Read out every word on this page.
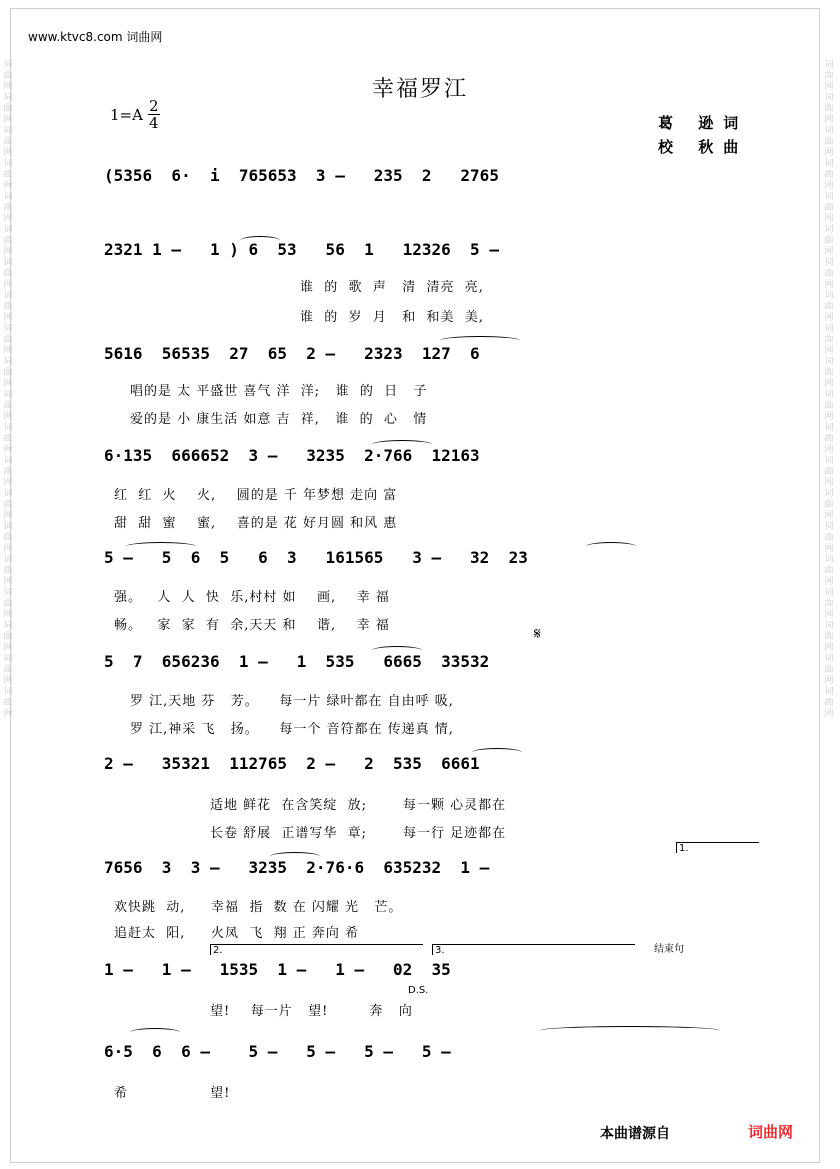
词曲网词曲网词曲网词曲网词曲网词曲网词曲网词曲网词曲网词曲网词曲网词曲网词曲网词曲网词曲网词曲网词曲网词曲网词曲网词曲网
词曲网词曲网词曲网词曲网词曲网词曲网词曲网词曲网词曲网词曲网词曲网词曲网词曲网词曲网词曲网词曲网词曲网词曲网词曲网词曲网
www.ktvc8.com 词曲网
幸福罗江
$1=A \frac{2}{4}$	葛 逊词
校 秋曲
(5356  6·  i  765653  3 –   235  2   2765
2321 1 –   1 ) 6  53   56  1   12326  5 –
谁  的  歌  声   清  清亮  亮,
谁  的  岁  月   和  和美  美,
5616  56535  27  65  2 –   2323  127  6
唱的是 太 平盛世 喜气 洋  洋;   谁  的  日   子
爱的是 小 康生活 如意 吉  祥,   谁  的  心   情
6·135  666652  3 –   3235  2·766  12163
红  红  火    火,    圆的是 千 年梦想 走向 富
甜  甜  蜜    蜜,    喜的是 花 好月圆 和风 惠
5 –   5  6  5   6  3   161565   3 –   32  23
强。   人  人  快  乐,村村 如    画,    幸 福
畅。   家  家  有  余,天天 和    谐,    幸 福	𝄋
5  7  656236  1 –   1  535   6665  33532
罗 江,天地 芬   芳。    每一片 绿叶都在 自由呼 吸,
罗 江,神采 飞   扬。    每一个 音符都在 传递真 情,
2 –   35321  112765  2 –   2  535  6661
适地 鲜花  在含笑绽  放;       每一颗 心灵都在
长卷 舒展  正谱写华  章;       每一行 足迹都在
7656  3  3 –   3235  2·76·6  635232  1 –
欢快跳  动,     幸福  指  数 在 闪耀 光   芒。
追赶太  阳,     火凤  飞  翔 正 奔向 希
1.
2.	3.	结束句
1 –   1 –   1535  1 –   1 –   02  35
D.S.
望!    每一片   望!        奔   向
6·5  6  6 –    5 –   5 –   5 –   5 –
希                望!
本曲谱源自	词曲网
